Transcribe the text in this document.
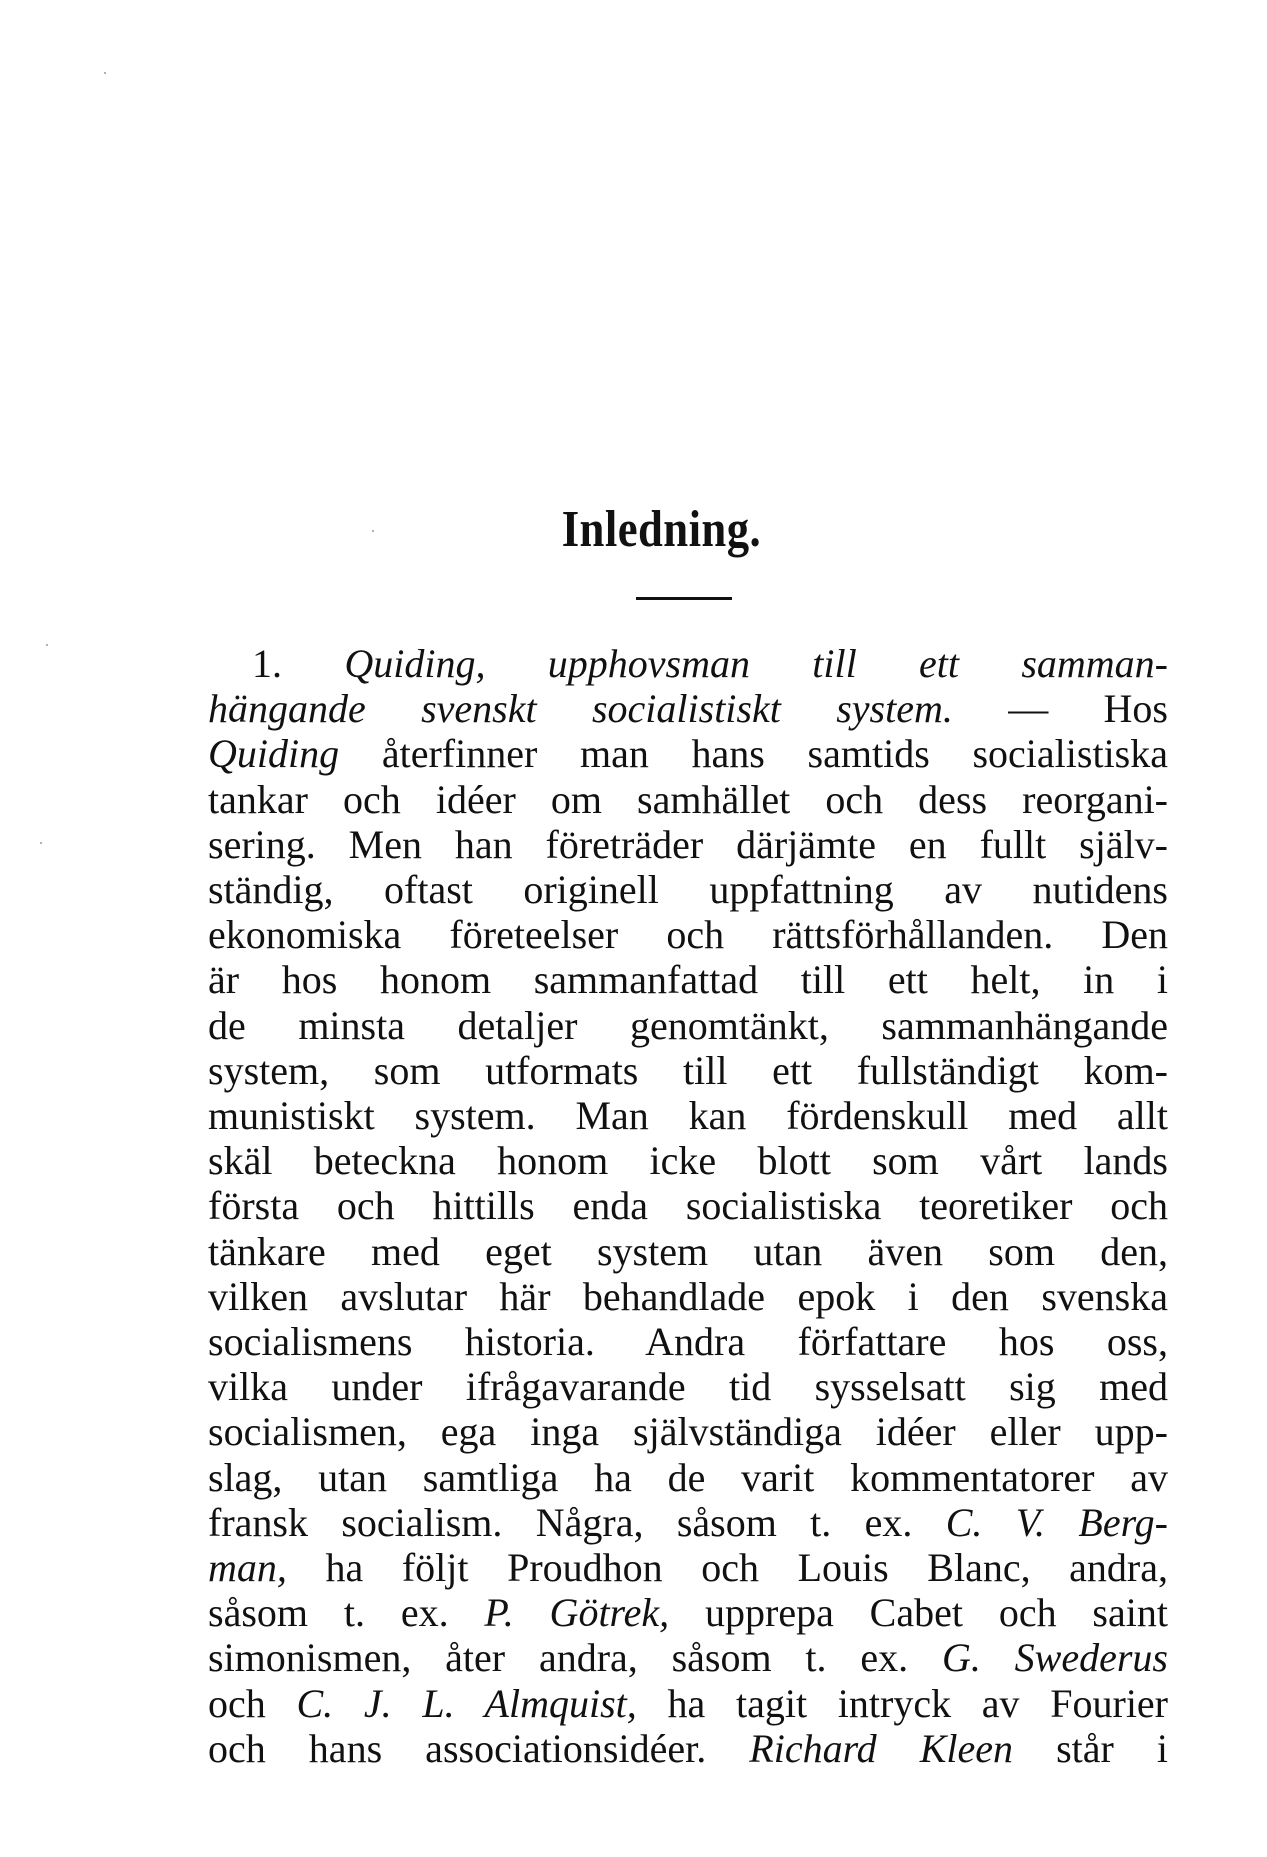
Inledning.
1. Quiding, upphovsman till ett samman-
hängande svenskt socialistiskt system. — Hos
Quiding återfinner man hans samtids socialistiska
tankar och idéer om samhället och dess reorgani-
sering. Men han företräder därjämte en fullt själv-
ständig, oftast originell uppfattning av nutidens
ekonomiska företeelser och rättsförhållanden. Den
är hos honom sammanfattad till ett helt, in i
de minsta detaljer genomtänkt, sammanhängande
system, som utformats till ett fullständigt kom-
munistiskt system. Man kan fördenskull med allt
skäl beteckna honom icke blott som vårt lands
första och hittills enda socialistiska teoretiker och
tänkare med eget system utan även som den,
vilken avslutar här behandlade epok i den svenska
socialismens historia. Andra författare hos oss,
vilka under ifrågavarande tid sysselsatt sig med
socialismen, ega inga självständiga idéer eller upp-
slag, utan samtliga ha de varit kommentatorer av
fransk socialism. Några, såsom t. ex. C. V. Berg-
man, ha följt Proudhon och Louis Blanc, andra,
såsom t. ex. P. Götrek, upprepa Cabet och saint
simonismen, åter andra, såsom t. ex. G. Swederus
och C. J. L. Almquist, ha tagit intryck av Fourier
och hans associationsidéer. Richard Kleen står i
